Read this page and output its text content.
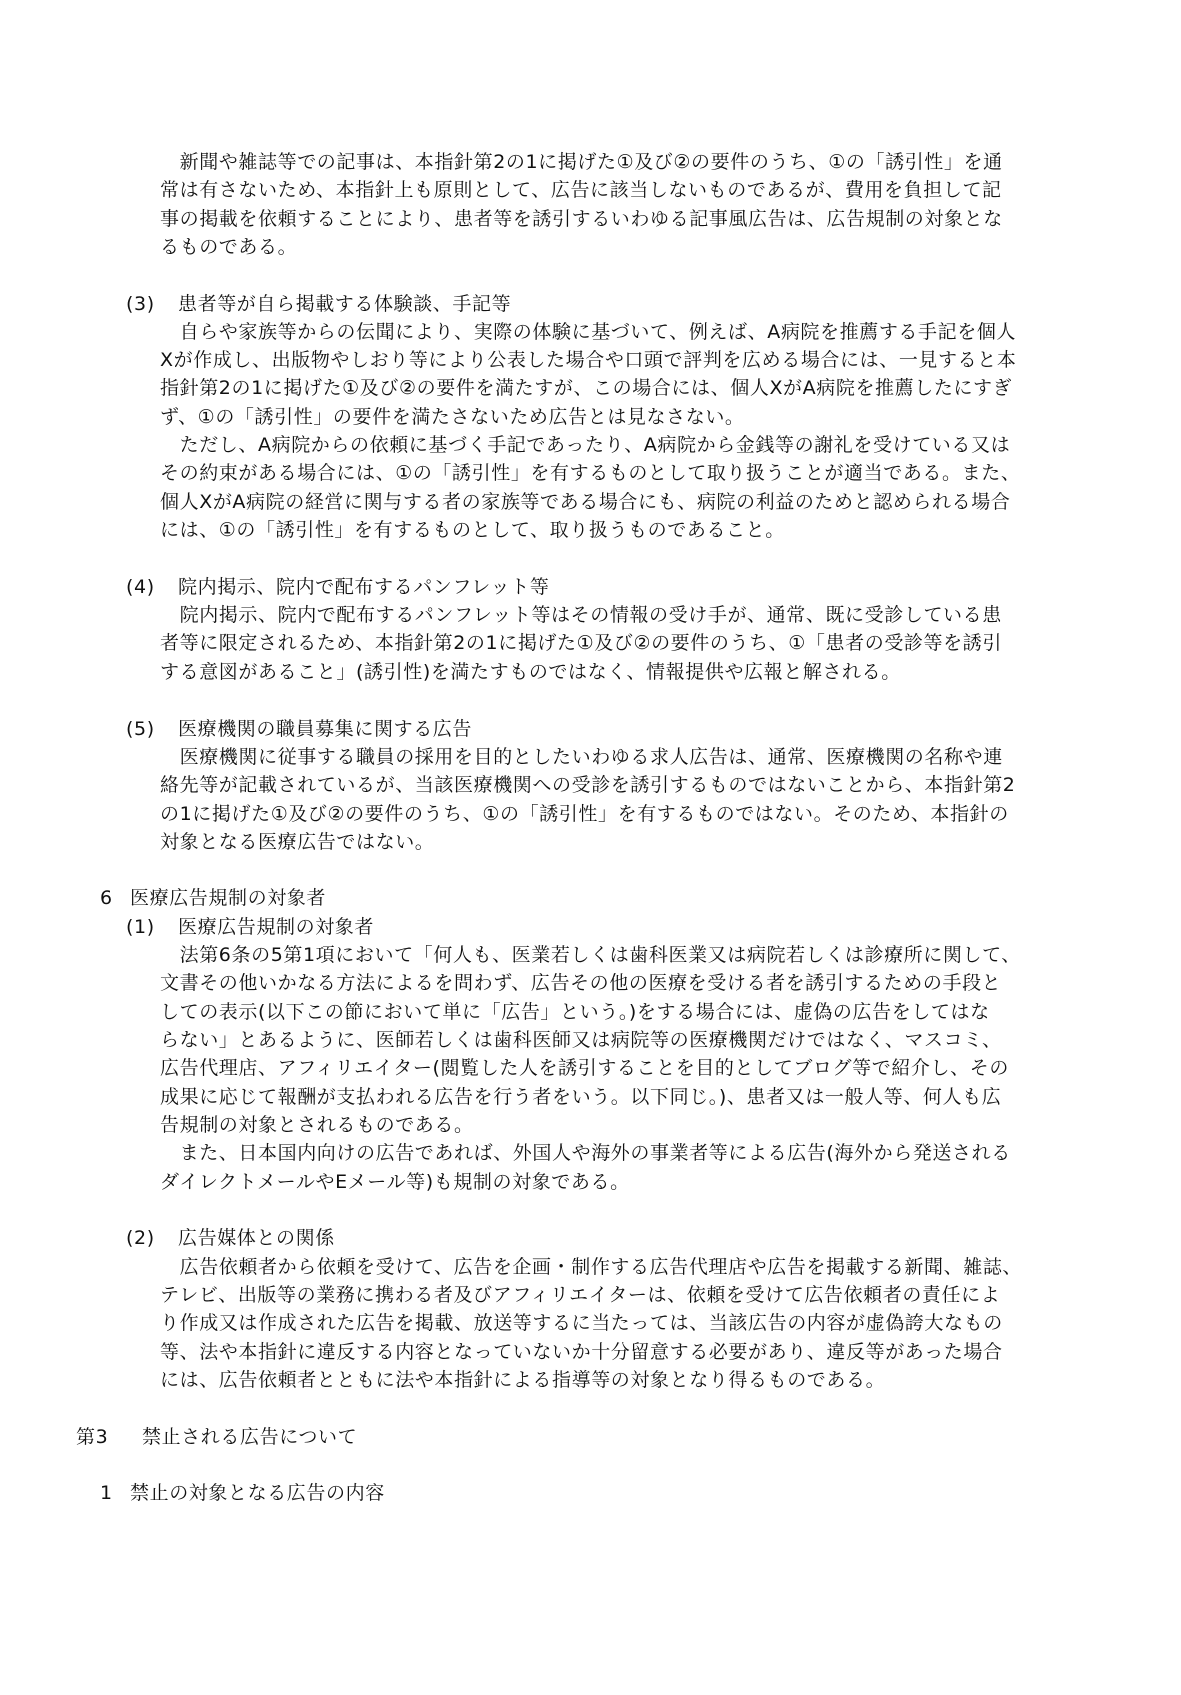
　新聞や雑誌等での記事は、本指針第2の1に掲げた①及び②の要件のうち、①の「誘引性」を通
常は有さないため、本指針上も原則として、広告に該当しないものであるが、費用を負担して記
事の掲載を依頼することにより、患者等を誘引するいわゆる記事風広告は、広告規制の対象とな
るものである。
(3) 患者等が自ら掲載する体験談、手記等
　自らや家族等からの伝聞により、実際の体験に基づいて、例えば、A病院を推薦する手記を個人
Xが作成し、出版物やしおり等により公表した場合や口頭で評判を広める場合には、一見すると本
指針第2の1に掲げた①及び②の要件を満たすが、この場合には、個人XがA病院を推薦したにすぎ
ず、①の「誘引性」の要件を満たさないため広告とは見なさない。
　ただし、A病院からの依頼に基づく手記であったり、A病院から金銭等の謝礼を受けている又は
その約束がある場合には、①の「誘引性」を有するものとして取り扱うことが適当である。また、
個人XがA病院の経営に関与する者の家族等である場合にも、病院の利益のためと認められる場合
には、①の「誘引性」を有するものとして、取り扱うものであること。
(4) 院内掲示、院内で配布するパンフレット等
　院内掲示、院内で配布するパンフレット等はその情報の受け手が、通常、既に受診している患
者等に限定されるため、本指針第2の1に掲げた①及び②の要件のうち、①「患者の受診等を誘引
する意図があること」(誘引性)を満たすものではなく、情報提供や広報と解される。
(5) 医療機関の職員募集に関する広告
　医療機関に従事する職員の採用を目的としたいわゆる求人広告は、通常、医療機関の名称や連
絡先等が記載されているが、当該医療機関への受診を誘引するものではないことから、本指針第2
の1に掲げた①及び②の要件のうち、①の「誘引性」を有するものではない。そのため、本指針の
対象となる医療広告ではない。
6 医療広告規制の対象者
(1) 医療広告規制の対象者
　法第6条の5第1項において「何人も、医業若しくは歯科医業又は病院若しくは診療所に関して、
文書その他いかなる方法によるを問わず、広告その他の医療を受ける者を誘引するための手段と
しての表示(以下この節において単に「広告」という。)をする場合には、虚偽の広告をしてはな
らない」とあるように、医師若しくは歯科医師又は病院等の医療機関だけではなく、マスコミ、
広告代理店、アフィリエイター(閲覧した人を誘引することを目的としてブログ等で紹介し、その
成果に応じて報酬が支払われる広告を行う者をいう。以下同じ。)、患者又は一般人等、何人も広
告規制の対象とされるものである。
　また、日本国内向けの広告であれば、外国人や海外の事業者等による広告(海外から発送される
ダイレクトメールやEメール等)も規制の対象である。
(2) 広告媒体との関係
　広告依頼者から依頼を受けて、広告を企画・制作する広告代理店や広告を掲載する新聞、雑誌、
テレビ、出版等の業務に携わる者及びアフィリエイターは、依頼を受けて広告依頼者の責任によ
り作成又は作成された広告を掲載、放送等するに当たっては、当該広告の内容が虚偽誇大なもの
等、法や本指針に違反する内容となっていないか十分留意する必要があり、違反等があった場合
には、広告依頼者とともに法や本指針による指導等の対象となり得るものである。
第3 禁止される広告について
1 禁止の対象となる広告の内容
